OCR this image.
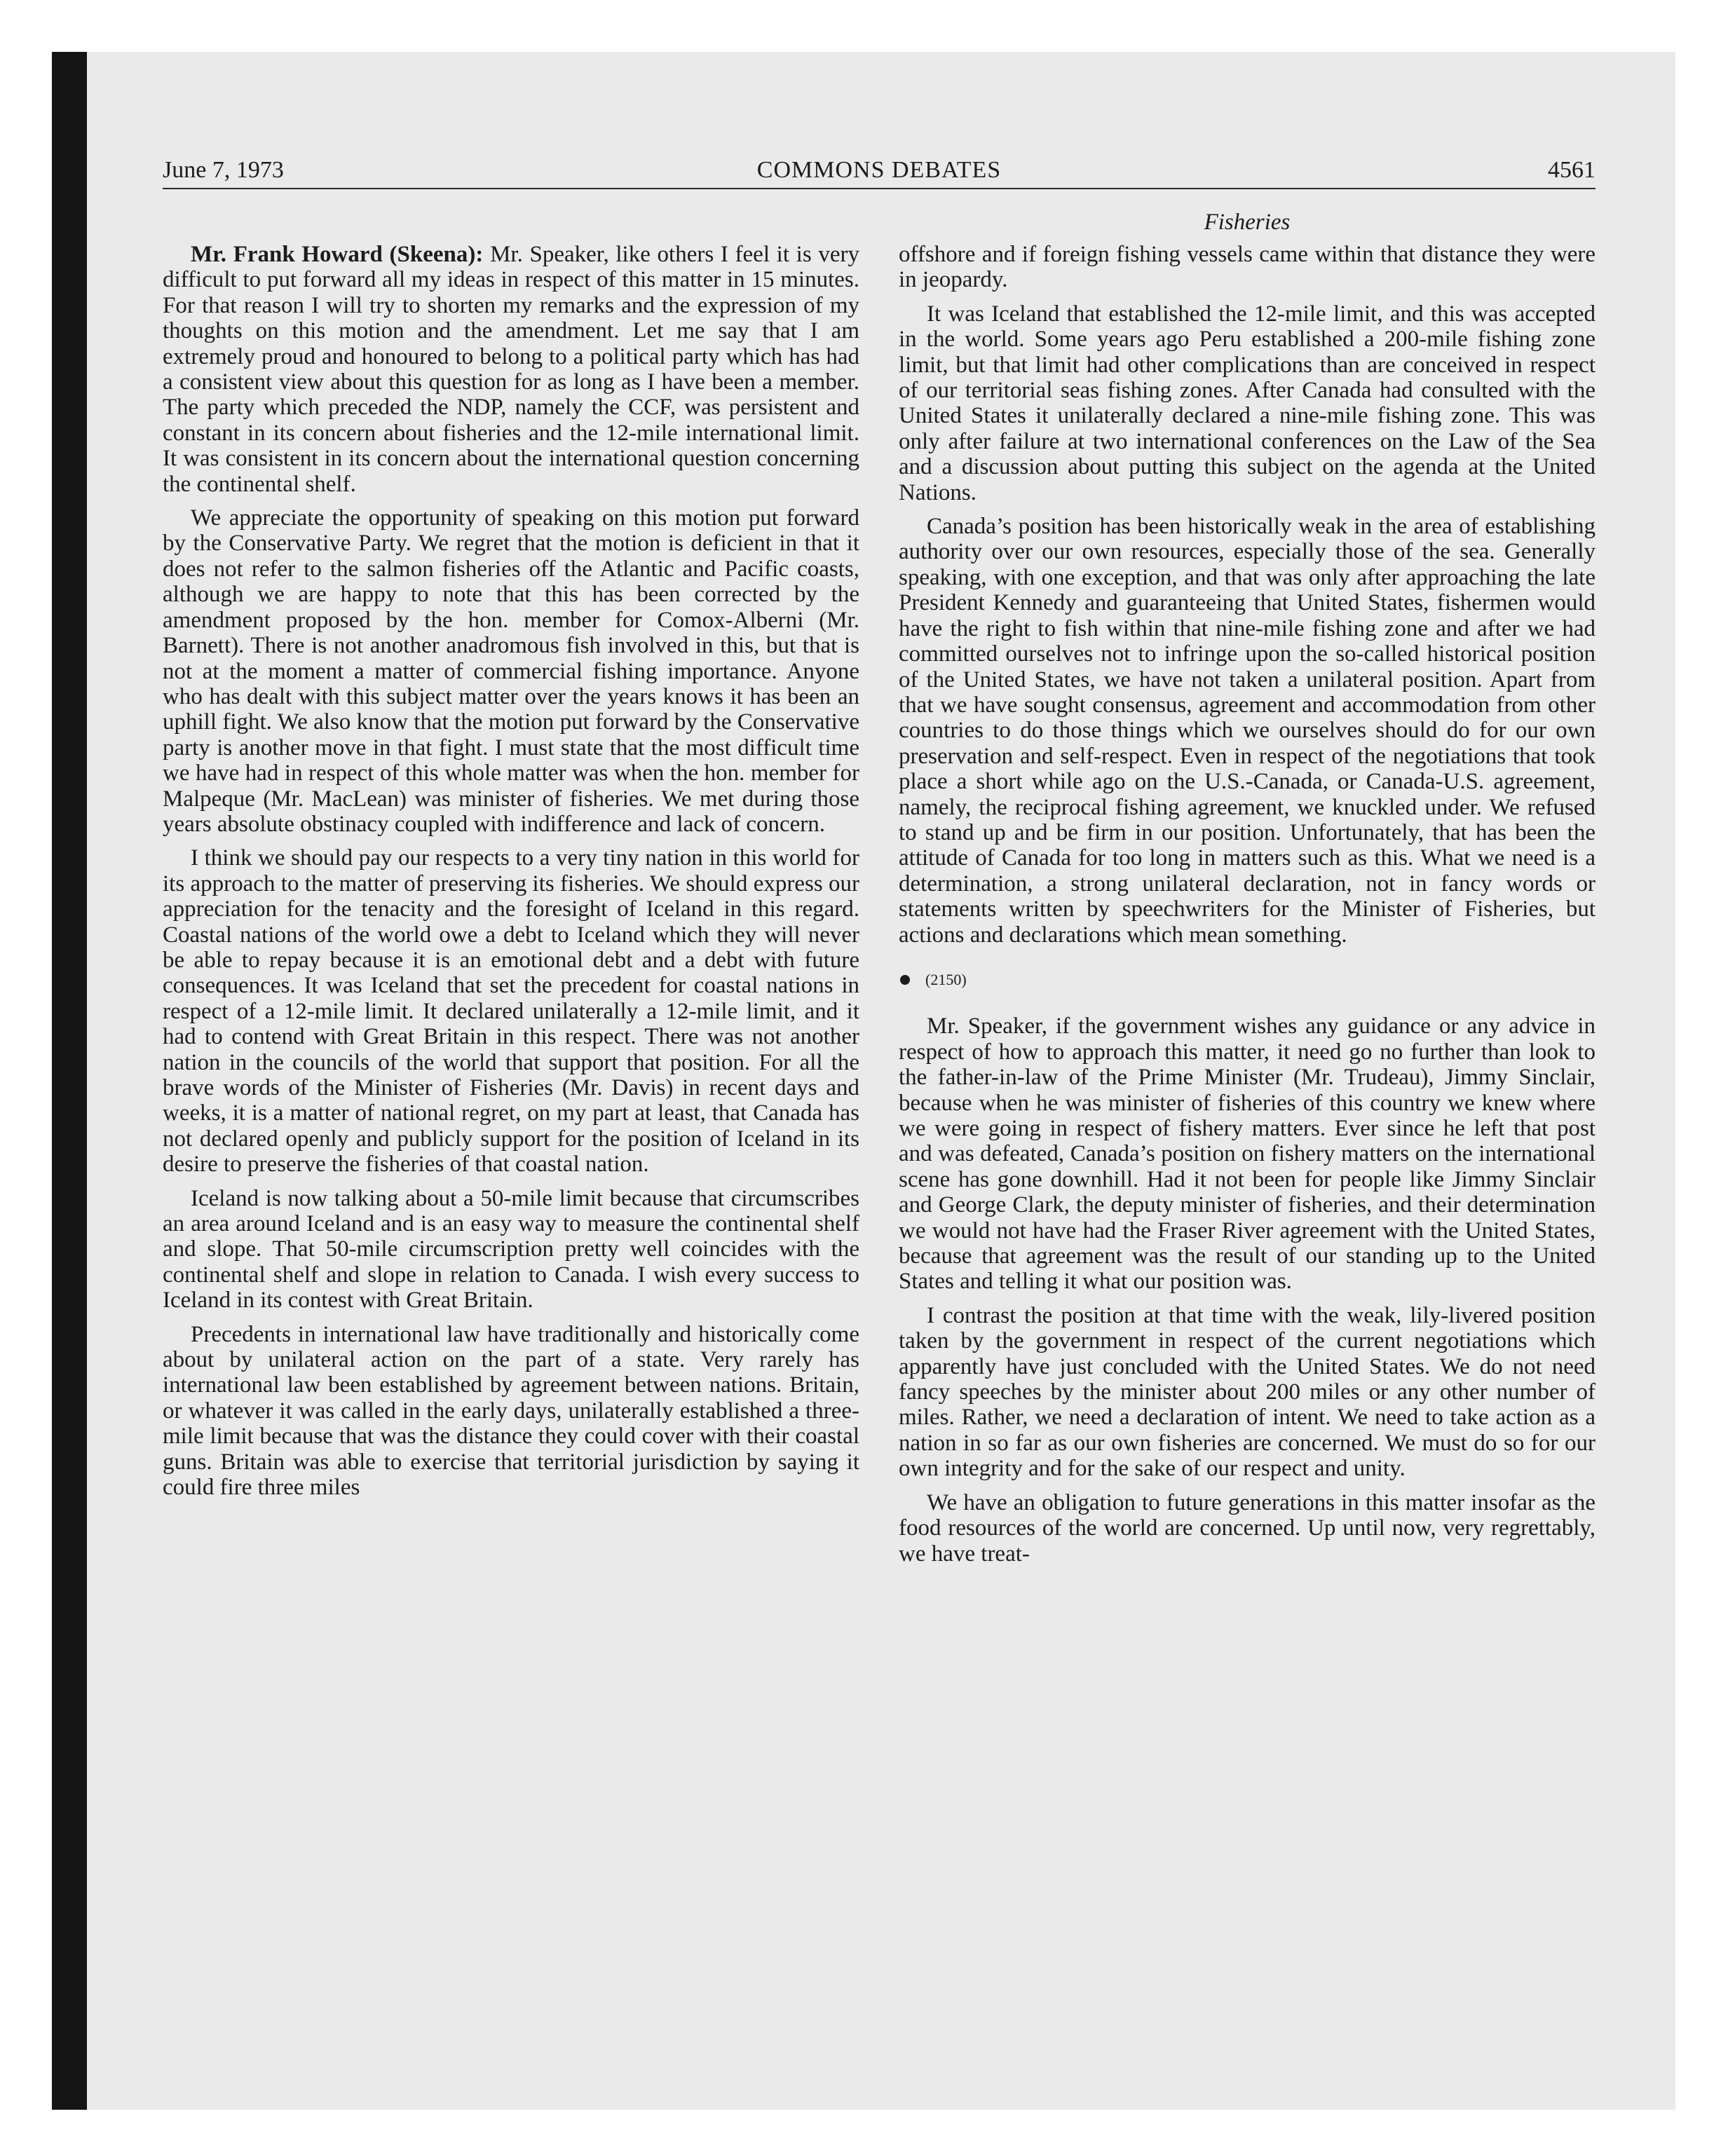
June 7, 1973	COMMONS DEBATES	4561
Fisheries

Mr. Frank Howard (Skeena): Mr. Speaker, like others I feel it is very difficult to put forward all my ideas in respect of this matter in 15 minutes. For that reason I will try to shorten my remarks and the expression of my thoughts on this motion and the amendment. Let me say that I am extremely proud and honoured to belong to a political party which has had a consistent view about this question for as long as I have been a member. The party which preceded the NDP, namely the CCF, was persistent and constant in its concern about fisheries and the 12-mile international limit. It was consistent in its concern about the international question concerning the continental shelf.

We appreciate the opportunity of speaking on this motion put forward by the Conservative Party. We regret that the motion is deficient in that it does not refer to the salmon fisheries off the Atlantic and Pacific coasts, although we are happy to note that this has been corrected by the amendment proposed by the hon. member for Comox-Alberni (Mr. Barnett). There is not another anadromous fish involved in this, but that is not at the moment a matter of commercial fishing importance. Anyone who has dealt with this subject matter over the years knows it has been an uphill fight. We also know that the motion put forward by the Conservative party is another move in that fight. I must state that the most difficult time we have had in respect of this whole matter was when the hon. member for Malpeque (Mr. MacLean) was minister of fisheries. We met during those years absolute obstinacy coupled with indifference and lack of concern.

I think we should pay our respects to a very tiny nation in this world for its approach to the matter of preserving its fisheries. We should express our appreciation for the tenacity and the foresight of Iceland in this regard. Coastal nations of the world owe a debt to Iceland which they will never be able to repay because it is an emotional debt and a debt with future consequences. It was Iceland that set the precedent for coastal nations in respect of a 12-mile limit. It declared unilaterally a 12-mile limit, and it had to contend with Great Britain in this respect. There was not another nation in the councils of the world that support that position. For all the brave words of the Minister of Fisheries (Mr. Davis) in recent days and weeks, it is a matter of national regret, on my part at least, that Canada has not declared openly and publicly support for the position of Iceland in its desire to preserve the fisheries of that coastal nation.

Iceland is now talking about a 50-mile limit because that circumscribes an area around Iceland and is an easy way to measure the continental shelf and slope. That 50-mile circumscription pretty well coincides with the continental shelf and slope in relation to Canada. I wish every success to Iceland in its contest with Great Britain.

Precedents in international law have traditionally and historically come about by unilateral action on the part of a state. Very rarely has international law been established by agreement between nations. Britain, or whatever it was called in the early days, unilaterally established a three-mile limit because that was the distance they could cover with their coastal guns. Britain was able to exercise that territorial jurisdiction by saying it could fire three miles

offshore and if foreign fishing vessels came within that distance they were in jeopardy.

It was Iceland that established the 12-mile limit, and this was accepted in the world. Some years ago Peru established a 200-mile fishing zone limit, but that limit had other complications than are conceived in respect of our territorial seas fishing zones. After Canada had consulted with the United States it unilaterally declared a nine-mile fishing zone. This was only after failure at two international conferences on the Law of the Sea and a discussion about putting this subject on the agenda at the United Nations.

Canada’s position has been historically weak in the area of establishing authority over our own resources, especially those of the sea. Generally speaking, with one exception, and that was only after approaching the late President Kennedy and guaranteeing that United States, fishermen would have the right to fish within that nine-mile fishing zone and after we had committed ourselves not to infringe upon the so-called historical position of the United States, we have not taken a unilateral position. Apart from that we have sought consensus, agreement and accommodation from other countries to do those things which we ourselves should do for our own preservation and self-respect. Even in respect of the negotiations that took place a short while ago on the U.S.-Canada, or Canada-U.S. agreement, namely, the reciprocal fishing agreement, we knuckled under. We refused to stand up and be firm in our position. Unfortunately, that has been the attitude of Canada for too long in matters such as this. What we need is a determination, a strong unilateral declaration, not in fancy words or statements written by speechwriters for the Minister of Fisheries, but actions and declarations which mean something.

(2150)

Mr. Speaker, if the government wishes any guidance or any advice in respect of how to approach this matter, it need go no further than look to the father-in-law of the Prime Minister (Mr. Trudeau), Jimmy Sinclair, because when he was minister of fisheries of this country we knew where we were going in respect of fishery matters. Ever since he left that post and was defeated, Canada’s position on fishery matters on the international scene has gone downhill. Had it not been for people like Jimmy Sinclair and George Clark, the deputy minister of fisheries, and their determination we would not have had the Fraser River agreement with the United States, because that agreement was the result of our standing up to the United States and telling it what our position was.

I contrast the position at that time with the weak, lily-livered position taken by the government in respect of the current negotiations which apparently have just concluded with the United States. We do not need fancy speeches by the minister about 200 miles or any other number of miles. Rather, we need a declaration of intent. We need to take action as a nation in so far as our own fisheries are concerned. We must do so for our own integrity and for the sake of our respect and unity.

We have an obligation to future generations in this matter insofar as the food resources of the world are concerned. Up until now, very regrettably, we have treat-
